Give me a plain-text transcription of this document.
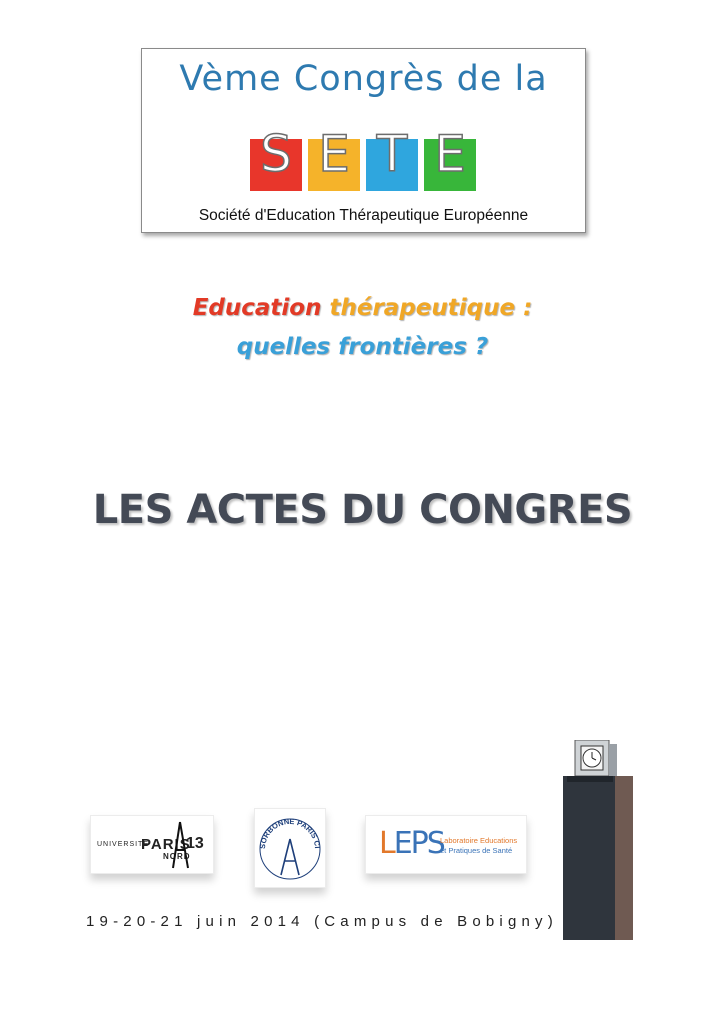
Vème Congrès de la
S E T E
Société d'Education Thérapeutique Européenne
Education thérapeutique :
quelles frontières ?
LES ACTES DU CONGRES
UNIVERSITÉ
PARIS
NORD
13	SORBONNE PARIS CI LEPS
Laboratoire Educations
et Pratiques de Santé
19-20-21 juin 2014 (Campus de Bobigny)
